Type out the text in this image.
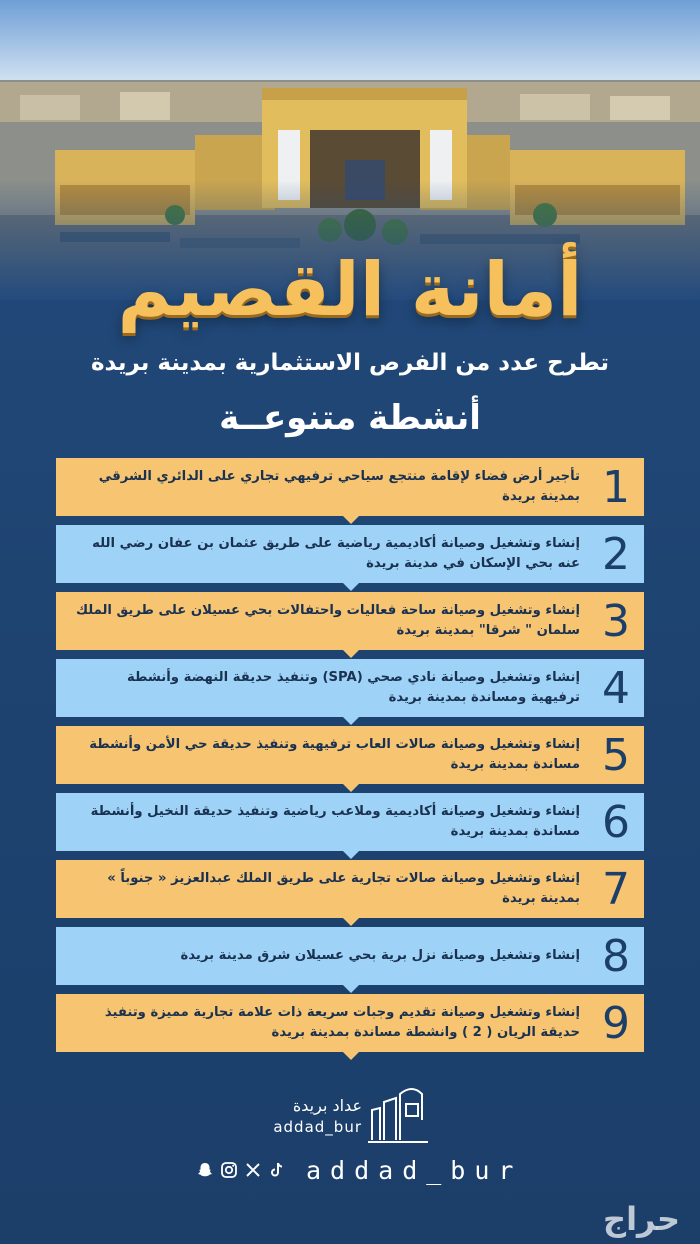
أمانة القصيم
تطرح عدد من الفرص الاستثمارية بمدينة بريدة
أنشطة متنوعــة
1
تأجير أرض فضاء لإقامة منتجع سياحي ترفيهي تجاري على الدائري الشرقي بمدينة بريدة
2
إنشاء وتشغيل وصيانة أكاديمية رياضية على طريق عثمان بن عفان رضي الله عنه بحي الإسكان في مدينة بريدة
3
إنشاء وتشغيل وصيانة ساحة فعاليات واحتفالات بحي عسيلان على طريق الملك سلمان " شرقا" بمدينة بريدة
4
إنشاء وتشغيل وصيانة نادي صحي (SPA) وتنفيذ حديقة النهضة وأنشطة ترفيهية ومساندة بمدينة بريدة
5
إنشاء وتشغيل وصيانة صالات العاب ترفيهية وتنفيذ حديقة حي الأمن وأنشطة مساندة بمدينة بريدة
6
إنشاء وتشغيل وصيانة أكاديمية وملاعب رياضية وتنفيذ حديقة النخيل وأنشطة مساندة بمدينة بريدة
7
إنشاء وتشغيل وصيانة صالات تجارية على طريق الملك عبدالعزيز « جنوباً » بمدينة بريدة
8
إنشاء وتشغيل وصيانة نزل برية بحي عسيلان شرق مدينة بريدة
9
إنشاء وتشغيل وصيانة تقديم وجبات سريعة ذات علامة تجارية مميزة وتنفيذ حديقة الريان ( 2 ) وانشطة مساندة بمدينة بريدة
عداد بريدة
addad_bur
addad_bur
حراج
